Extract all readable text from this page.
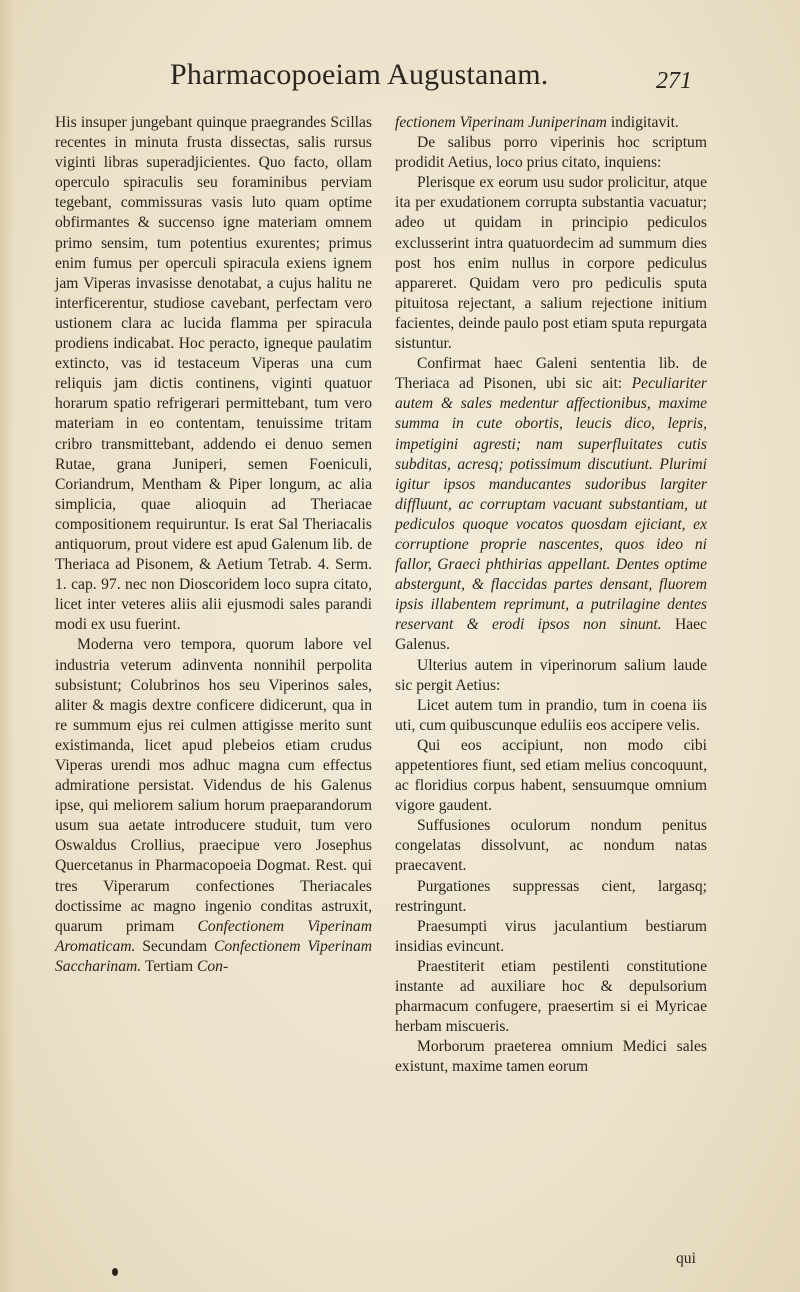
Pharmacopoeiam Augustanam.	271

His insuper jungebant quinque praegrandes Scillas recentes in minuta frusta dissectas, salis rursus viginti libras superadjicientes. Quo facto, ollam operculo spiraculis seu foraminibus perviam tegebant, commissuras vasis luto quam optime obfirmantes & succenso igne materiam omnem primo sensim, tum potentius exurentes; primus enim fumus per operculi spiracula exiens ignem jam Viperas invasisse denotabat, a cujus halitu ne interficerentur, studiose cavebant, perfectam vero ustionem clara ac lucida flamma per spiracula prodiens indicabat. Hoc peracto, igneque paulatim extincto, vas id testaceum Viperas una cum reliquis jam dictis continens, viginti quatuor horarum spatio refrigerari permittebant, tum vero materiam in eo contentam, tenuissime tritam cribro transmittebant, addendo ei denuo semen Rutae, grana Juniperi, semen Foeniculi, Coriandrum, Mentham & Piper longum, ac alia simplicia, quae alioquin ad Theriacae compositionem requiruntur. Is erat Sal Theriacalis antiquorum, prout videre est apud Galenum lib. de Theriaca ad Pisonem, & Aetium Tetrab. 4. Serm. 1. cap. 97. nec non Dioscoridem loco supra citato, licet inter veteres aliis alii ejusmodi sales parandi modi ex usu fuerint.

Moderna vero tempora, quorum labore vel industria veterum adinventa nonnihil perpolita subsistunt; Colubrinos hos seu Viperinos sales, aliter & magis dextre conficere didicerunt, qua in re summum ejus rei culmen attigisse merito sunt existimanda, licet apud plebeios etiam crudus Viperas urendi mos adhuc magna cum effectus admiratione persistat. Videndus de his Galenus ipse, qui meliorem salium horum praeparandorum usum sua aetate introducere studuit, tum vero Oswaldus Crollius, praecipue vero Josephus Quercetanus in Pharmacopoeia Dogmat. Rest. qui tres Viperarum confectiones Theriacales doctissime ac magno ingenio conditas astruxit, quarum primam Confectionem Viperinam Aromaticam. Secundam Confectionem Viperinam Saccharinam. Tertiam Con-

fectionem Viperinam Juniperinam indigitavit.

De salibus porro viperinis hoc scriptum prodidit Aetius, loco prius citato, inquiens:

Plerisque ex eorum usu sudor prolicitur, atque ita per exudationem corrupta substantia vacuatur; adeo ut quidam in principio pediculos exclusserint intra quatuordecim ad summum dies post hos enim nullus in corpore pediculus appareret. Quidam vero pro pediculis sputa pituitosa rejectant, a salium rejectione initium facientes, deinde paulo post etiam sputa repurgata sistuntur.

Confirmat haec Galeni sententia lib. de Theriaca ad Pisonen, ubi sic ait: Peculiariter autem & sales medentur affectionibus, maxime summa in cute obortis, leucis dico, lepris, impetigini agresti; nam superfluitates cutis subditas, acresq; potissimum discutiunt. Plurimi igitur ipsos manducantes sudoribus largiter diffluunt, ac corruptam vacuant substantiam, ut pediculos quoque vocatos quosdam ejiciant, ex corruptione proprie nascentes, quos ideo ni fallor, Graeci phthirias appellant. Dentes optime abstergunt, & flaccidas partes densant, fluorem ipsis illabentem reprimunt, a putrilagine dentes reservant & erodi ipsos non sinunt. Haec Galenus.

Ulterius autem in viperinorum salium laude sic pergit Aetius:

Licet autem tum in prandio, tum in coena iis uti, cum quibuscunque eduliis eos accipere velis.

Qui eos accipiunt, non modo cibi appetentiores fiunt, sed etiam melius concoquunt, ac floridius corpus habent, sensuumque omnium vigore gaudent.

Suffusiones oculorum nondum penitus congelatas dissolvunt, ac nondum natas praecavent.

Purgationes suppressas cient, largasq; restringunt.

Praesumpti virus jaculantium bestiarum insidias evincunt.

Praestiterit etiam pestilenti constitutione instante ad auxiliare hoc & depulsorium pharmacum confugere, praesertim si ei Myricae herbam miscueris.

Morborum praeterea omnium Medici sales existunt, maxime tamen eorum

qui
